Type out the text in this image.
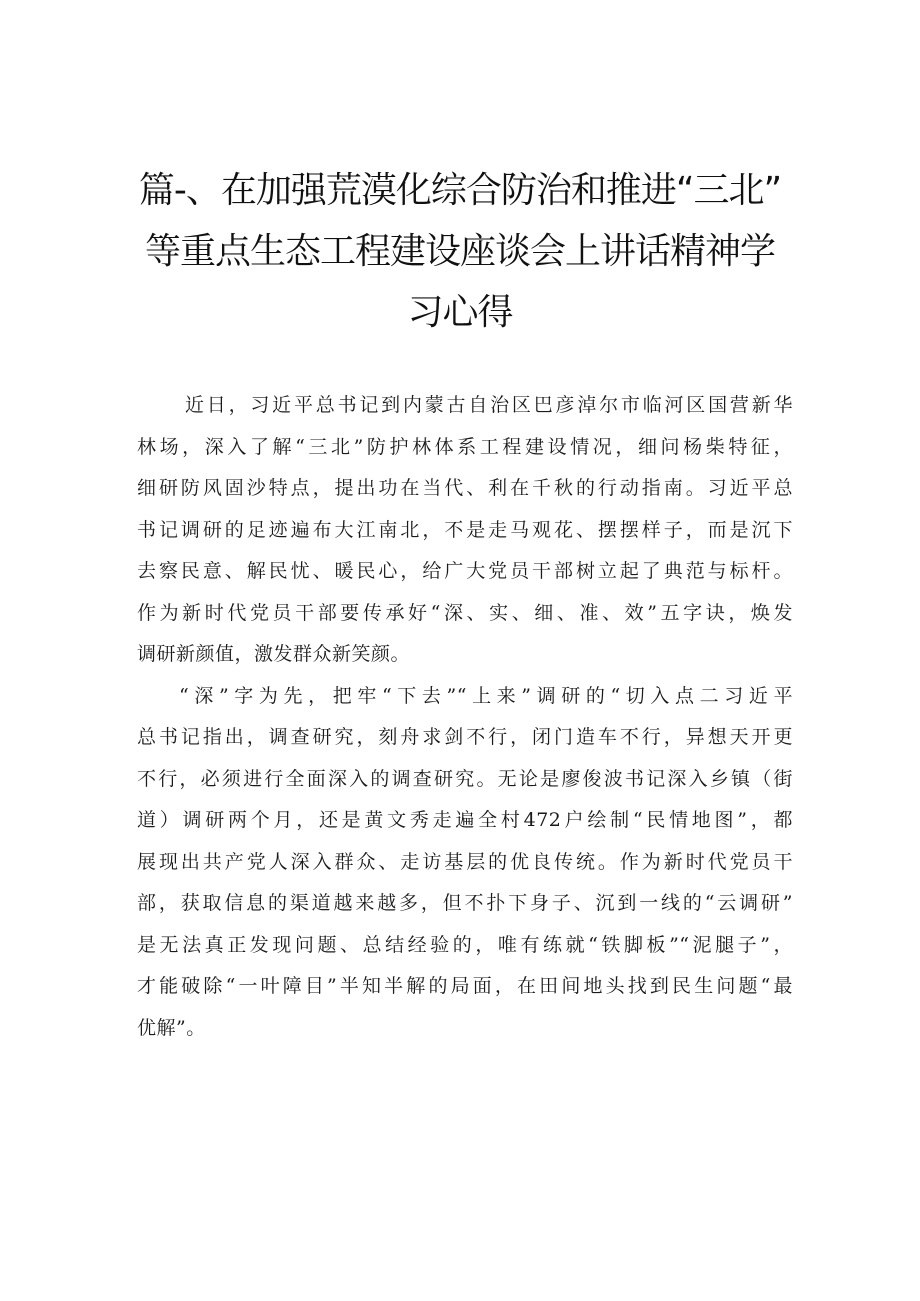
篇-、在加强荒漠化综合防治和推进“三北”
等重点生态工程建设座谈会上讲话精神学
习心得

近日，习近平总书记到内蒙古自治区巴彦淖尔市临河区国营新华
林场，深入了解“三北”防护林体系工程建设情况，细问杨柴特征，
细研防风固沙特点，提出功在当代、利在千秋的行动指南。习近平总
书记调研的足迹遍布大江南北，不是走马观花、摆摆样子，而是沉下
去察民意、解民忧、暖民心，给广大党员干部树立起了典范与标杆。
作为新时代党员干部要传承好“深、实、细、准、效”五字诀，焕发
调研新颜值，激发群众新笑颜。

“深”字为先，把牢“下去”“上来”调研的“切入点二习近平
总书记指出，调查研究，刻舟求剑不行，闭门造车不行，异想天开更
不行，必须进行全面深入的调查研究。无论是廖俊波书记深入乡镇（街
道）调研两个月，还是黄文秀走遍全村472户绘制“民情地图”，都
展现出共产党人深入群众、走访基层的优良传统。作为新时代党员干
部，获取信息的渠道越来越多，但不扑下身子、沉到一线的“云调研”
是无法真正发现问题、总结经验的，唯有练就“铁脚板”“泥腿子”，
才能破除“一叶障目”半知半解的局面，在田间地头找到民生问题“最
优解”。
